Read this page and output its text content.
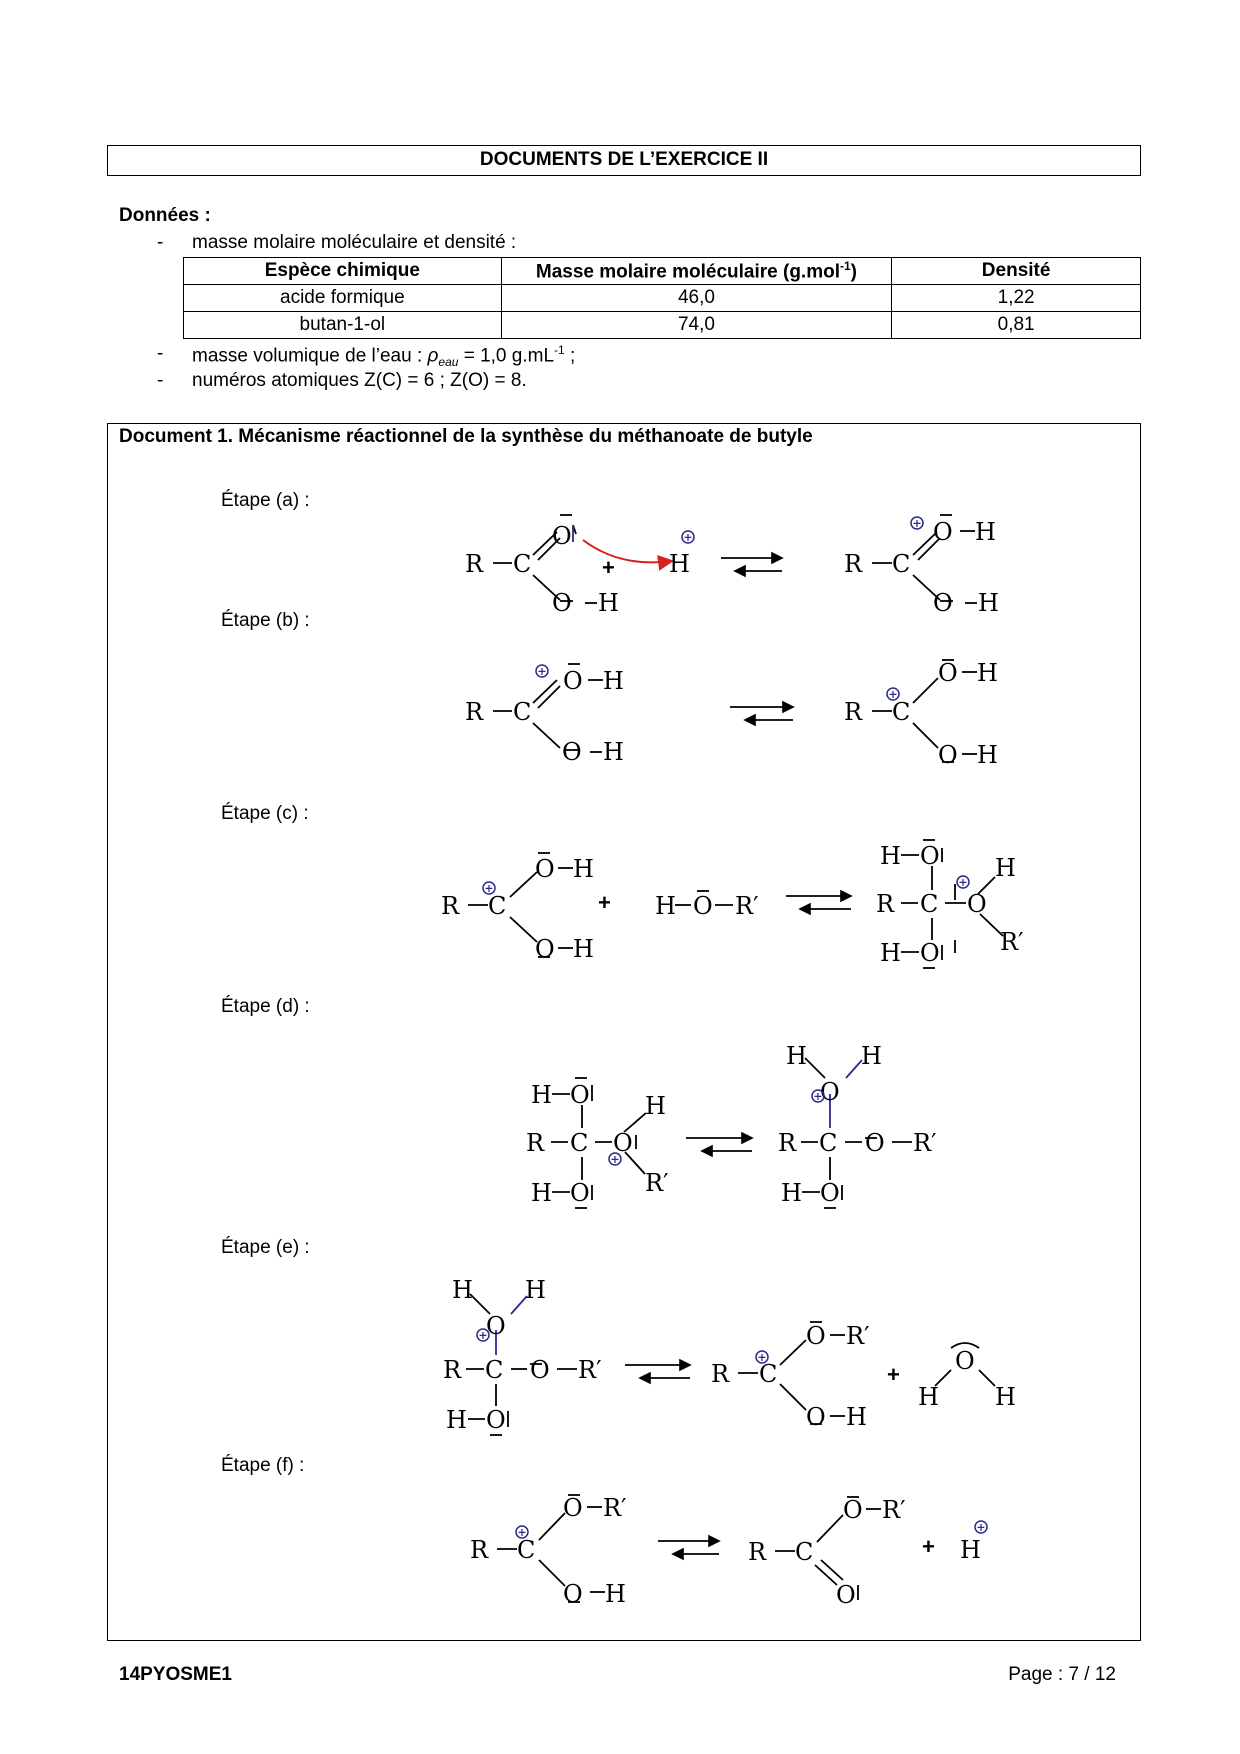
DOCUMENTS DE L’EXERCICE II
Données :
- masse molaire moléculaire et densité :
Espèce chimique	Masse molaire moléculaire (g.mol$^{-1}$)	Densité
acide formique	46,0	1,22
butan-1-ol	74,0	0,81
- masse volumique de l’eau : $\rho_{eau} = 1,0$ $g.mL^{-1}$ ;
- numéros atomiques Z(C) = 6 ; Z(O) = 8.
Document 1. Mécanisme réactionnel de la synthèse du méthanoate de butyle
Étape (a) :
Étape (b) :
Étape (c) :
Étape (d) :
Étape (e) :
Étape (f) :
R C
O
O H
+ H	R C
O H
O H
R C
O H
O H
R C
O H
O H
R C
O H
O H
+ H O R′
H O
R C O
H
R′
H O
H O
R C O
H
R′
H O
H H
O
R C O R′
H O
H H
O
R C O R′
H O
R C
O R′
O H
+ O
H H
R C
O R′
O H
R C
O R′
O
+ H
+
+
+
+
+	+
+
+
+
+
+	+
14PYOSME1	Page : 7 / 12
